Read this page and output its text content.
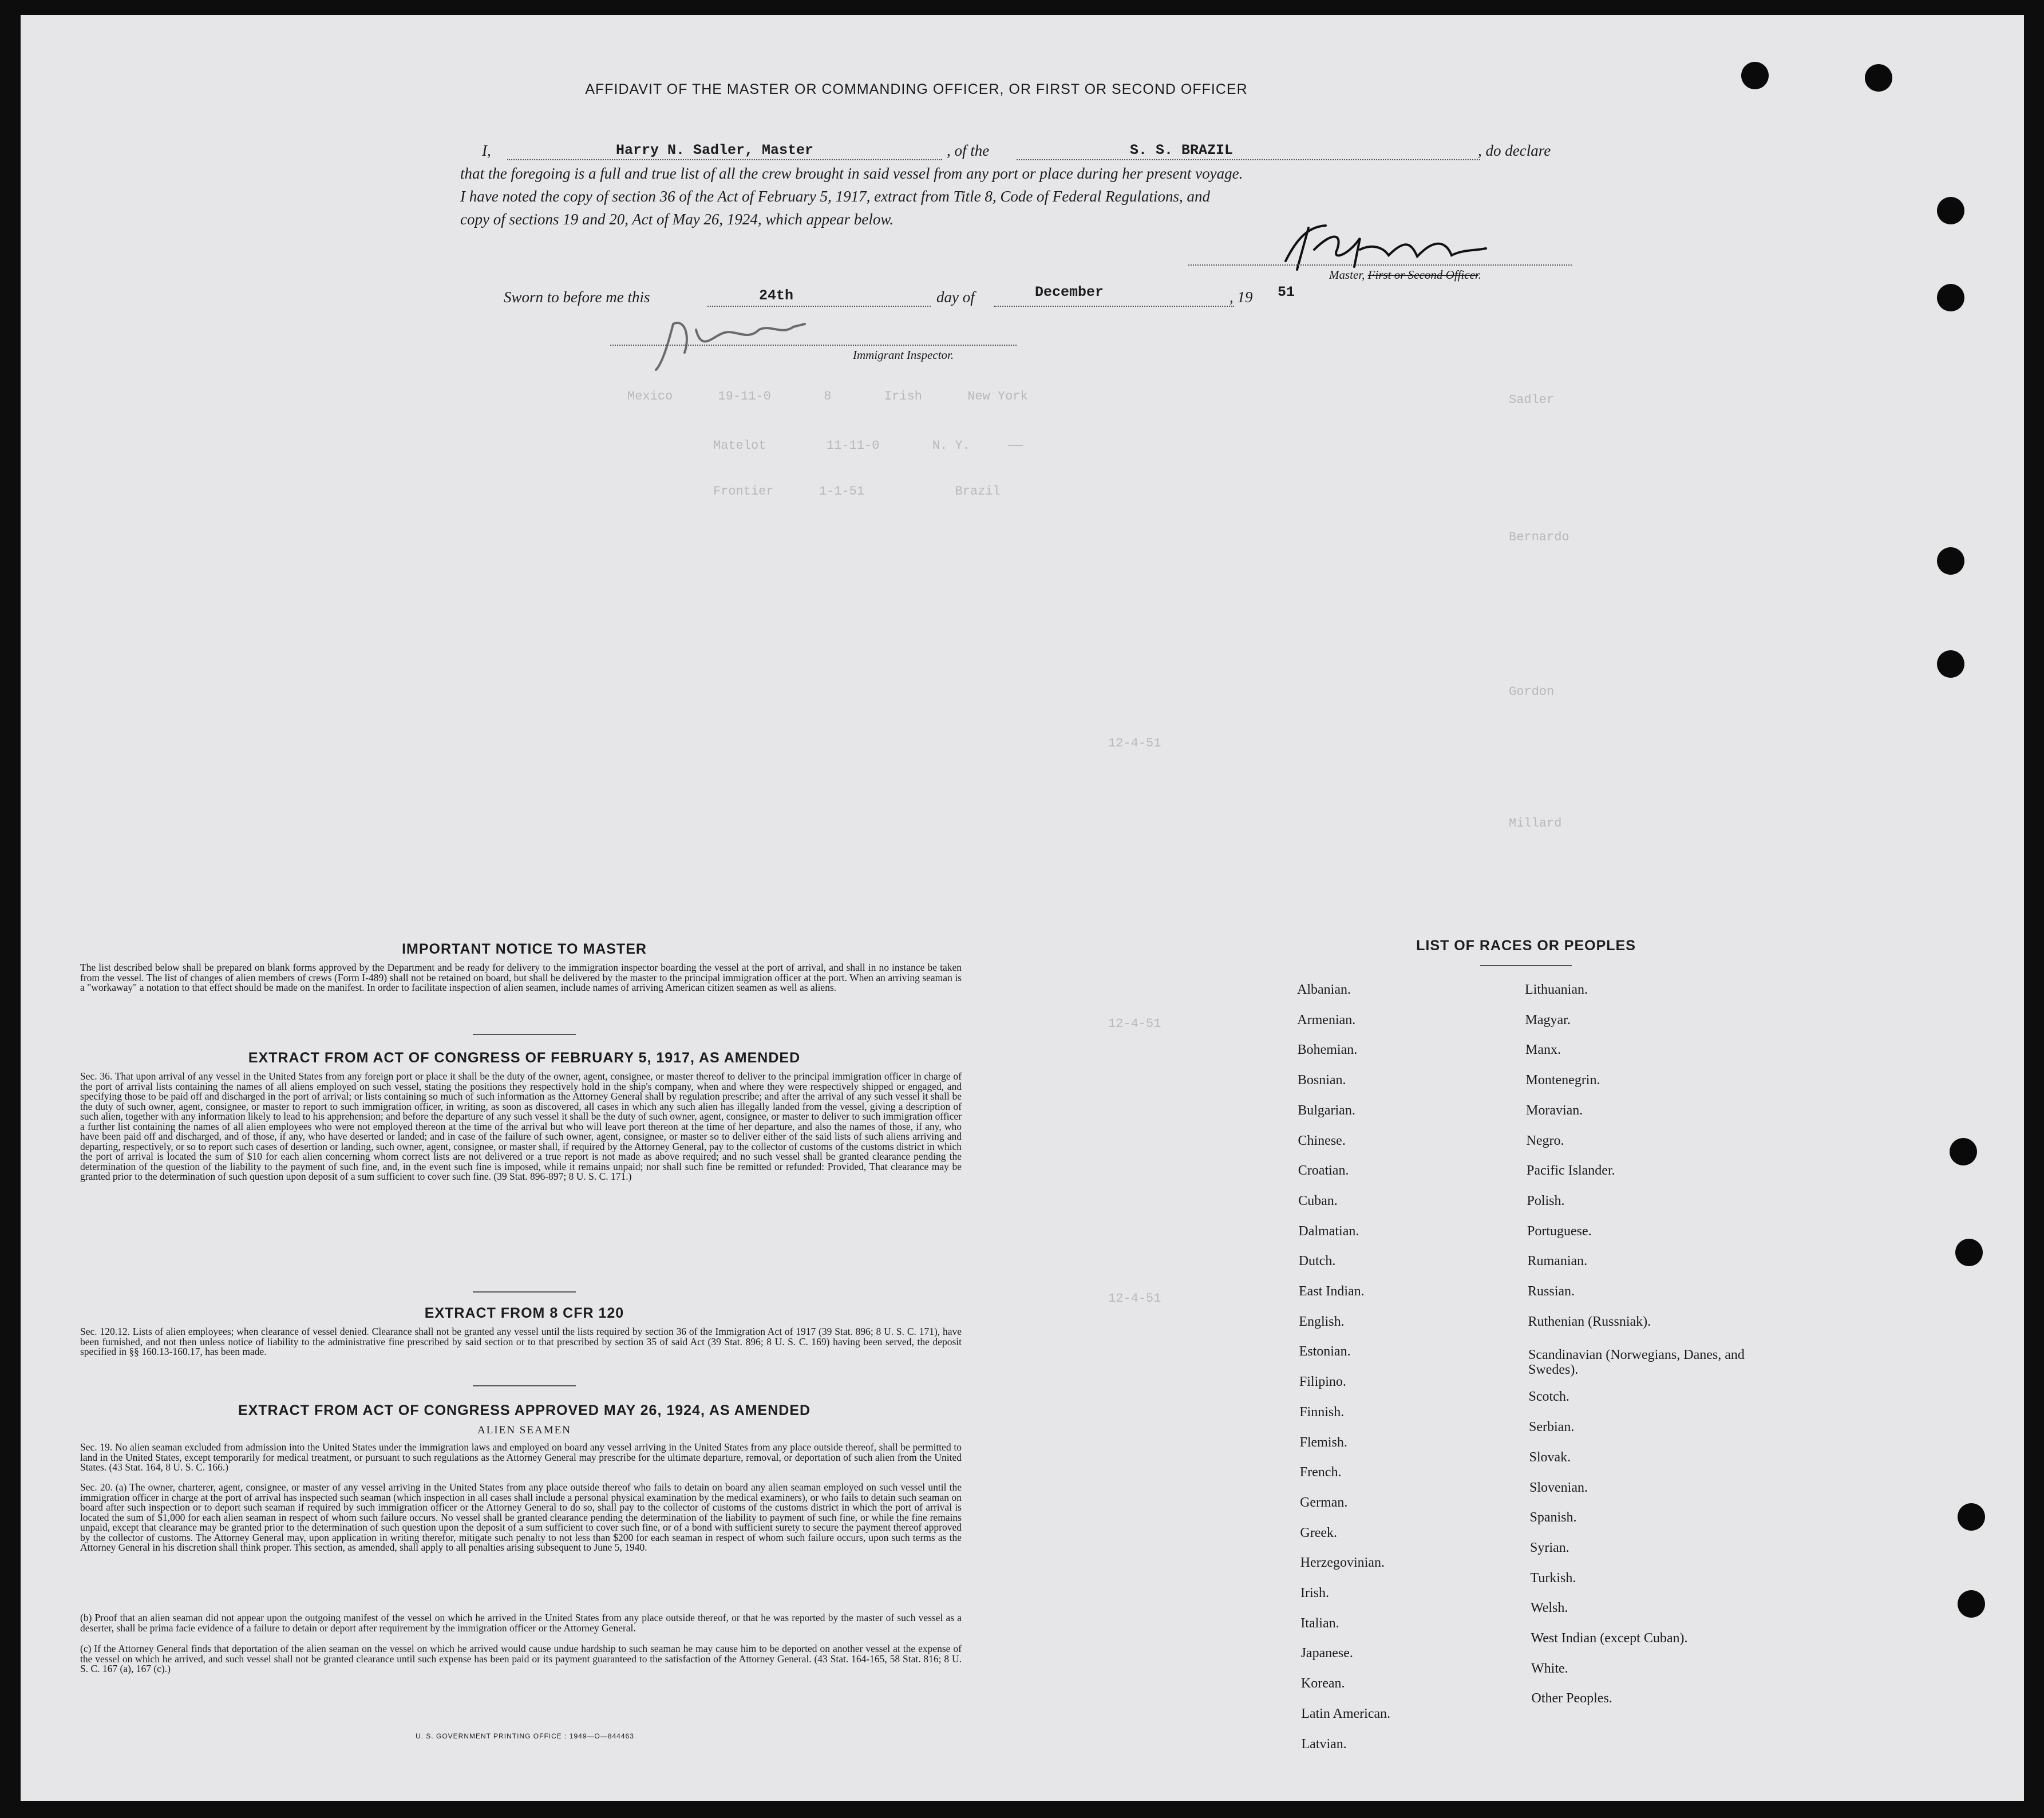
Mexico      19-11-0       8       Irish      New York
Matelot        11-11-0       N. Y.     ——
Frontier      1-1-51            Brazil
Sadler
Bernardo
Gordon
Millard
12-4-51
12-4-51
12-4-51
AFFIDAVIT OF THE MASTER OR COMMANDING OFFICER, OR FIRST OR SECOND OFFICER
I,	Harry N. Sadler, Master	, of the	S. S. BRAZIL	, do declare
that the foregoing is a full and true list of all the crew brought in said vessel from any port or place during her present voyage.
I have noted the copy of section 36 of the Act of February 5, 1917, extract from Title 8, Code of Federal Regulations, and
copy of sections 19 and 20, Act of May 26, 1924, which appear below.
Master, First or Second Officer.
Sworn to before me this	24th	day of	December	, 19 51
Immigrant Inspector.
IMPORTANT NOTICE TO MASTER
The list described below shall be prepared on blank forms approved by the Department and be ready for delivery to the immigration inspector boarding the vessel at the port of arrival, and shall in no instance be taken from the vessel. The list of changes of alien members of crews (Form I-489) shall not be retained on board, but shall be delivered by the master to the principal immigration officer at the port. When an arriving seaman is a "workaway" a notation to that effect should be made on the manifest. In order to facilitate inspection of alien seamen, include names of arriving American citizen seamen as well as aliens.
EXTRACT FROM ACT OF CONGRESS OF FEBRUARY 5, 1917, AS AMENDED
Sec. 36. That upon arrival of any vessel in the United States from any foreign port or place it shall be the duty of the owner, agent, consignee, or master thereof to deliver to the principal immigration officer in charge of the port of arrival lists containing the names of all aliens employed on such vessel, stating the positions they respectively hold in the ship's company, when and where they were respectively shipped or engaged, and specifying those to be paid off and discharged in the port of arrival; or lists containing so much of such information as the Attorney General shall by regulation prescribe; and after the arrival of any such vessel it shall be the duty of such owner, agent, consignee, or master to report to such immigration officer, in writing, as soon as discovered, all cases in which any such alien has illegally landed from the vessel, giving a description of such alien, together with any information likely to lead to his apprehension; and before the departure of any such vessel it shall be the duty of such owner, agent, consignee, or master to deliver to such immigration officer a further list containing the names of all alien employees who were not employed thereon at the time of the arrival but who will leave port thereon at the time of her departure, and also the names of those, if any, who have been paid off and discharged, and of those, if any, who have deserted or landed; and in case of the failure of such owner, agent, consignee, or master so to deliver either of the said lists of such aliens arriving and departing, respectively, or so to report such cases of desertion or landing, such owner, agent, consignee, or master shall, if required by the Attorney General, pay to the collector of customs of the customs district in which the port of arrival is located the sum of $10 for each alien concerning whom correct lists are not delivered or a true report is not made as above required; and no such vessel shall be granted clearance pending the determination of the question of the liability to the payment of such fine, and, in the event such fine is imposed, while it remains unpaid; nor shall such fine be remitted or refunded: Provided, That clearance may be granted prior to the determination of such question upon deposit of a sum sufficient to cover such fine. (39 Stat. 896-897; 8 U. S. C. 171.)
EXTRACT FROM 8 CFR 120
Sec. 120.12. Lists of alien employees; when clearance of vessel denied. Clearance shall not be granted any vessel until the lists required by section 36 of the Immigration Act of 1917 (39 Stat. 896; 8 U. S. C. 171), have been furnished, and not then unless notice of liability to the administrative fine prescribed by said section or to that prescribed by section 35 of said Act (39 Stat. 896; 8 U. S. C. 169) having been served, the deposit specified in §§ 160.13-160.17, has been made.
EXTRACT FROM ACT OF CONGRESS APPROVED MAY 26, 1924, AS AMENDED
ALIEN SEAMEN
Sec. 19. No alien seaman excluded from admission into the United States under the immigration laws and employed on board any vessel arriving in the United States from any place outside thereof, shall be permitted to land in the United States, except temporarily for medical treatment, or pursuant to such regulations as the Attorney General may prescribe for the ultimate departure, removal, or deportation of such alien from the United States. (43 Stat. 164, 8 U. S. C. 166.)
Sec. 20. (a) The owner, charterer, agent, consignee, or master of any vessel arriving in the United States from any place outside thereof who fails to detain on board any alien seaman employed on such vessel until the immigration officer in charge at the port of arrival has inspected such seaman (which inspection in all cases shall include a personal physical examination by the medical examiners), or who fails to detain such seaman on board after such inspection or to deport such seaman if required by such immigration officer or the Attorney General to do so, shall pay to the collector of customs of the customs district in which the port of arrival is located the sum of $1,000 for each alien seaman in respect of whom such failure occurs. No vessel shall be granted clearance pending the determination of the liability to payment of such fine, or while the fine remains unpaid, except that clearance may be granted prior to the determination of such question upon the deposit of a sum sufficient to cover such fine, or of a bond with sufficient surety to secure the payment thereof approved by the collector of customs. The Attorney General may, upon application in writing therefor, mitigate such penalty to not less than $200 for each seaman in respect of whom such failure occurs, upon such terms as the Attorney General in his discretion shall think proper. This section, as amended, shall apply to all penalties arising subsequent to June 5, 1940.
(b) Proof that an alien seaman did not appear upon the outgoing manifest of the vessel on which he arrived in the United States from any place outside thereof, or that he was reported by the master of such vessel as a deserter, shall be prima facie evidence of a failure to detain or deport after requirement by the immigration officer or the Attorney General.
(c) If the Attorney General finds that deportation of the alien seaman on the vessel on which he arrived would cause undue hardship to such seaman he may cause him to be deported on another vessel at the expense of the vessel on which he arrived, and such vessel shall not be granted clearance until such expense has been paid or its payment guaranteed to the satisfaction of the Attorney General. (43 Stat. 164-165, 58 Stat. 816; 8 U. S. C. 167 (a), 167 (c).)
U. S. GOVERNMENT PRINTING OFFICE : 1949—O—844463
LIST OF RACES OR PEOPLES
Albanian.
Armenian.
Bohemian.
Bosnian.
Bulgarian.
Chinese.
Croatian.
Cuban.
Dalmatian.
Dutch.
East Indian.
English.
Estonian.
Filipino.
Finnish.
Flemish.
French.
German.
Greek.
Herzegovinian.
Irish.
Italian.
Japanese.
Korean.
Latin American.
Latvian.
Lithuanian.
Magyar.
Manx.
Montenegrin.
Moravian.
Negro.
Pacific Islander.
Polish.
Portuguese.
Rumanian.
Russian.
Ruthenian (Russniak).
Scandinavian (Norwegians, Danes, and Swedes).
Scotch.
Serbian.
Slovak.
Slovenian.
Spanish.
Syrian.
Turkish.
Welsh.
West Indian (except Cuban).
White.
Other Peoples.
